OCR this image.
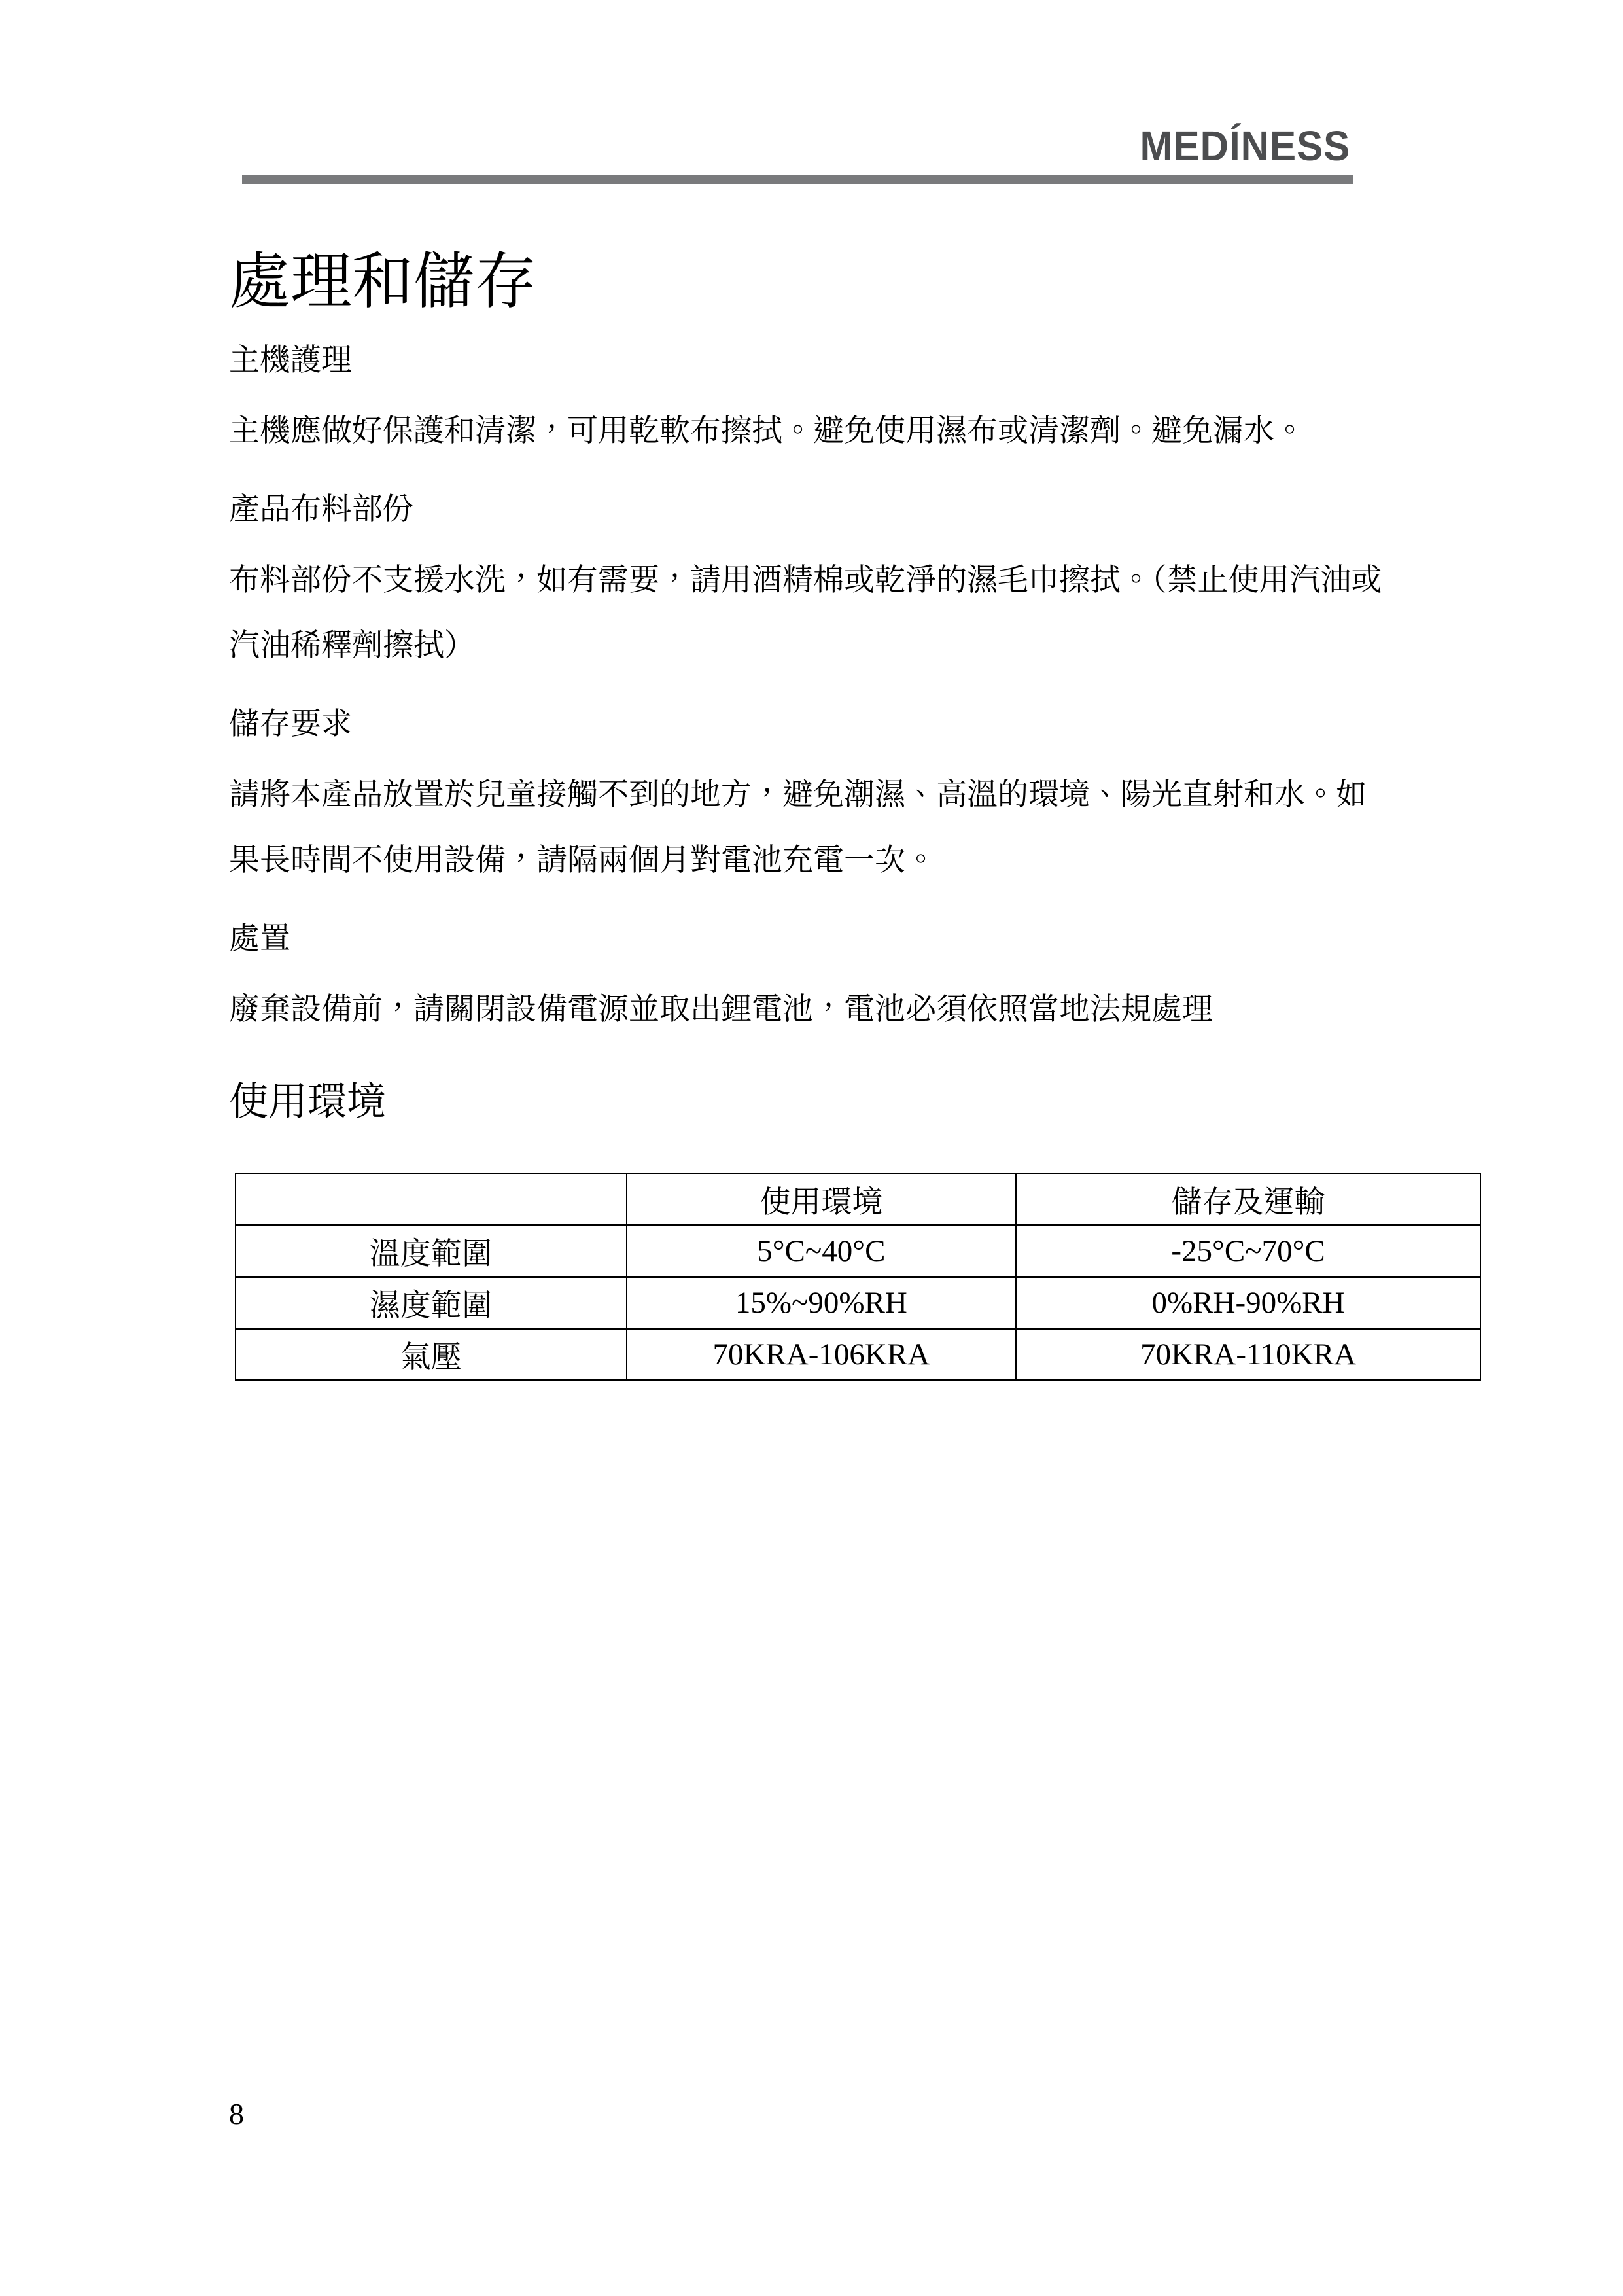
MEDÍNESS
處理和儲存
主機護理
主機應做好保護和清潔，可用乾軟布擦拭。避免使用濕布或清潔劑。避免漏水。
產品布料部份
布料部份不支援水洗，如有需要，請用酒精棉或乾淨的濕毛巾擦拭。（禁止使用汽油或
汽油稀釋劑擦拭）
儲存要求
請將本產品放置於兒童接觸不到的地方，避免潮濕、高溫的環境、陽光直射和水。如
果長時間不使用設備，請隔兩個月對電池充電一次。
處置
廢棄設備前，請關閉設備電源並取出鋰電池，電池必須依照當地法規處理
使用環境
	使用環境	儲存及運輸
溫度範圍	5°C~40°C	-25°C~70°C
濕度範圍	15%~90%RH	0%RH-90%RH
氣壓	70KRA-106KRA	70KRA-110KRA
8
